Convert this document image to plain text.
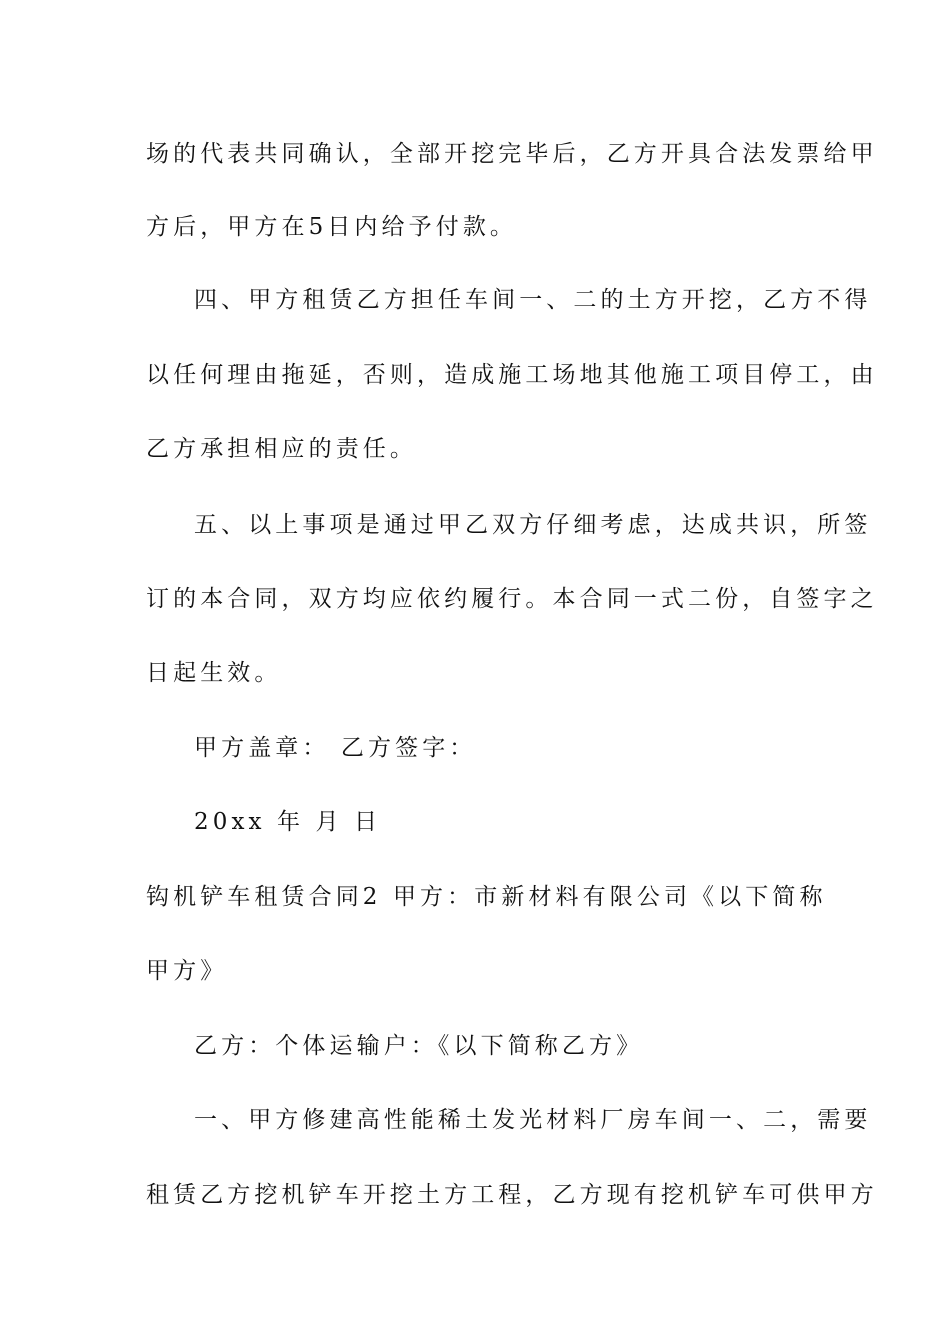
场的代表共同确认，全部开挖完毕后，乙方开具合法发票给甲
方后，甲方在5日内给予付款。
四、甲方租赁乙方担任车间一、二的土方开挖，乙方不得
以任何理由拖延，否则，造成施工场地其他施工项目停工，由
乙方承担相应的责任。
五、以上事项是通过甲乙双方仔细考虑，达成共识，所签
订的本合同，双方均应依约履行。本合同一式二份，自签字之
日起生效。
甲方盖章： 乙方签字：
20xx 年 月 日
钩机铲车租赁合同2 甲方：市新材料有限公司《以下简称
甲方》
乙方：个体运输户：《以下简称乙方》
一、甲方修建高性能稀土发光材料厂房车间一、二，需要
租赁乙方挖机铲车开挖土方工程，乙方现有挖机铲车可供甲方
